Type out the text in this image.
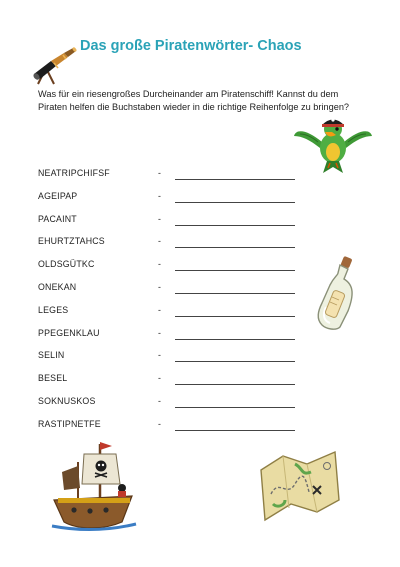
Das große Piratenwörter- Chaos

Was für ein riesengroßes Durcheinander am Piratenschiff! Kannst du dem Piraten helfen die Buchstaben wieder in die richtige Reihenfolge zu bringen?

NEATRIPCHIFSF	-
AGEIPAP	-
PACAINT	-
EHURTZTAHCS	-
OLDSGÜTKC	-
ONEKAN	-
LEGES	-
PPEGENKLAU	-
SELIN	-
BESEL	-
SOKNUSKOS	-
RASTIPNETFE	-
